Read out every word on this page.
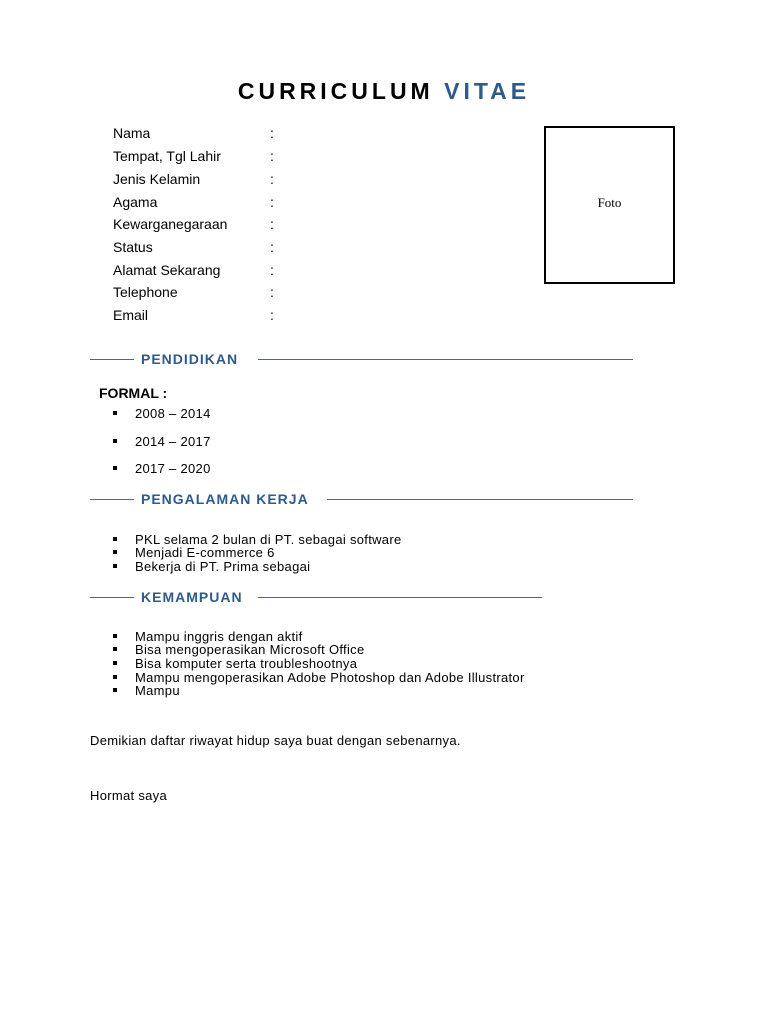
CURRICULUM VITAE
Nama	:
Tempat, Tgl Lahir	:
Jenis Kelamin	:
Agama	:
Kewarganegaraan	:
Status	:
Alamat Sekarang	:
Telephone	:
Email	:
Foto
PENDIDIKAN
FORMAL :
2008 – 2014
2014 – 2017
2017 – 2020
PENGALAMAN KERJA
PKL selama 2 bulan di PT. sebagai software
Menjadi E-commerce 6
Bekerja di PT. Prima sebagai
KEMAMPUAN
Mampu inggris dengan aktif
Bisa mengoperasikan Microsoft Office
Bisa komputer serta troubleshootnya
Mampu mengoperasikan Adobe Photoshop dan Adobe Illustrator
Mampu
Demikian daftar riwayat hidup saya buat dengan sebenarnya.
Hormat saya
